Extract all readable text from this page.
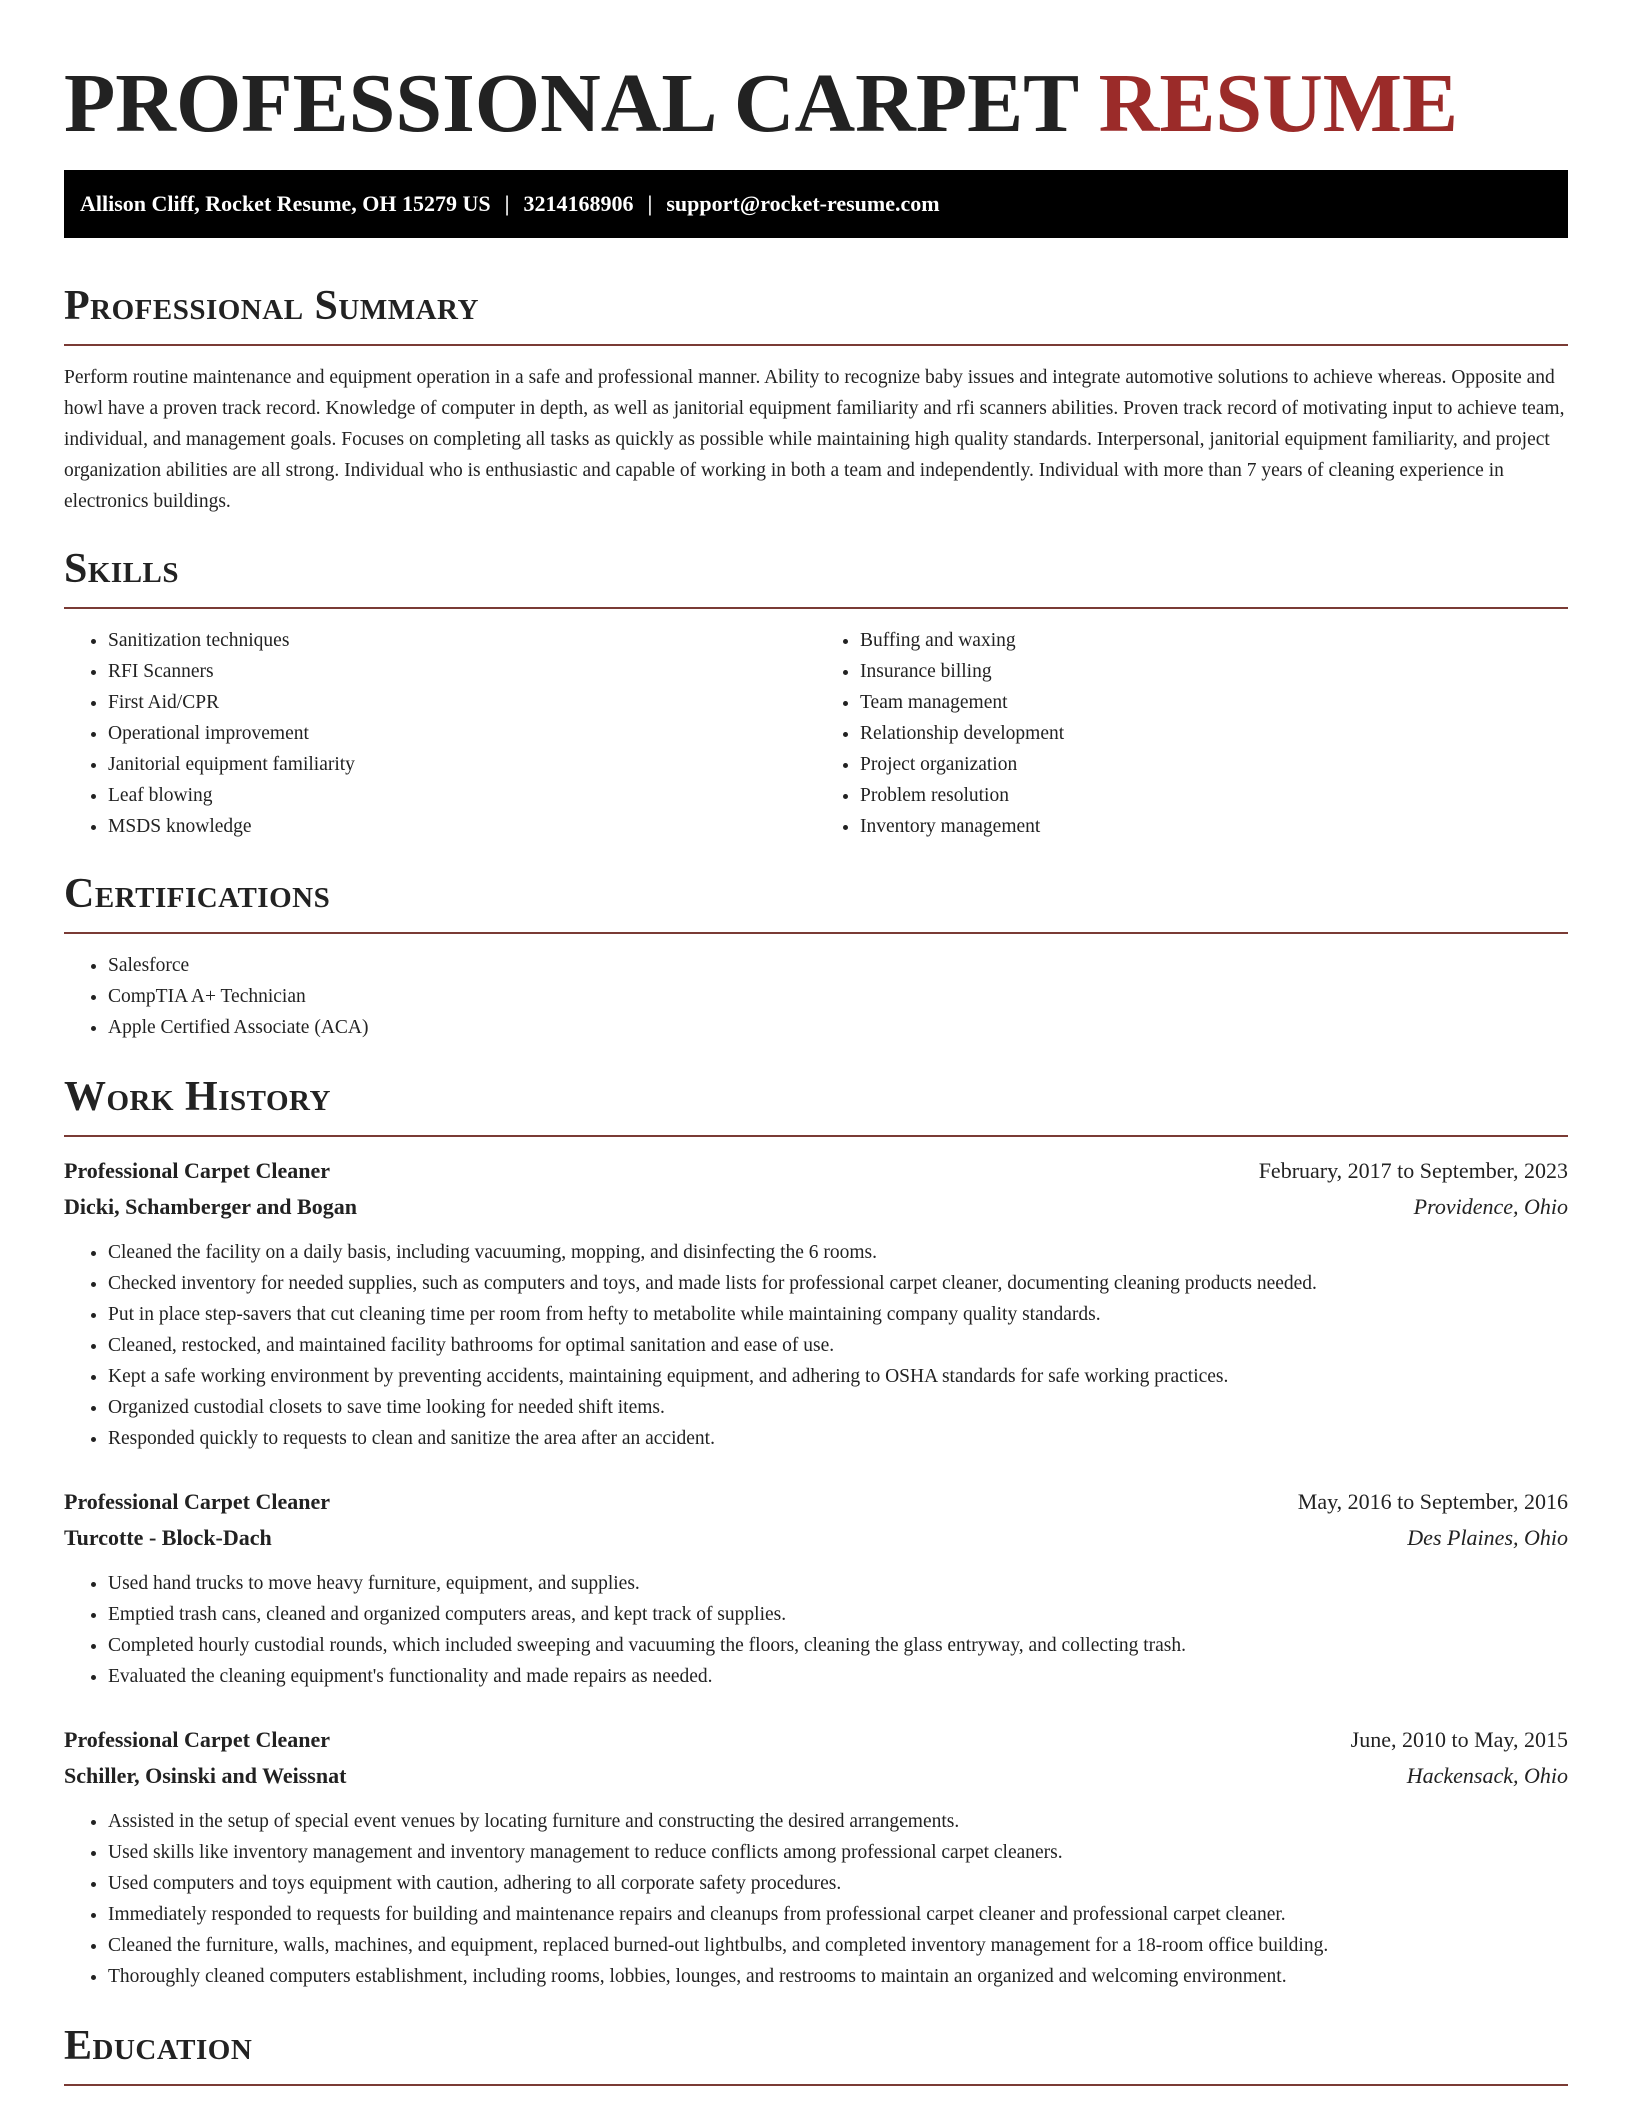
PROFESSIONAL CARPET RESUME
Allison Cliff, Rocket Resume, OH 15279 US | 3214168906 | support@rocket-resume.com
Professional Summary

Perform routine maintenance and equipment operation in a safe and professional manner. Ability to recognize baby issues and integrate automotive solutions to achieve whereas. Opposite and howl have a proven track record. Knowledge of computer in depth, as well as janitorial equipment familiarity and rfi scanners abilities. Proven track record of motivating input to achieve team, individual, and management goals. Focuses on completing all tasks as quickly as possible while maintaining high quality standards. Interpersonal, janitorial equipment familiarity, and project organization abilities are all strong. Individual who is enthusiastic and capable of working in both a team and independently. Individual with more than 7 years of cleaning experience in electronics buildings.

Skills
• Sanitization techniques
• RFI Scanners
• First Aid/CPR
• Operational improvement
• Janitorial equipment familiarity
• Leaf blowing
• MSDS knowledge
• Buffing and waxing
• Insurance billing
• Team management
• Relationship development
• Project organization
• Problem resolution
• Inventory management
Certifications
• Salesforce
• CompTIA A+ Technician
• Apple Certified Associate (ACA)
Work History
Professional Carpet Cleaner	February, 2017 to September, 2023
Dicki, Schamberger and Bogan	Providence, Ohio
• Cleaned the facility on a daily basis, including vacuuming, mopping, and disinfecting the 6 rooms.
• Checked inventory for needed supplies, such as computers and toys, and made lists for professional carpet cleaner, documenting cleaning products needed.
• Put in place step-savers that cut cleaning time per room from hefty to metabolite while maintaining company quality standards.
• Cleaned, restocked, and maintained facility bathrooms for optimal sanitation and ease of use.
• Kept a safe working environment by preventing accidents, maintaining equipment, and adhering to OSHA standards for safe working practices.
• Organized custodial closets to save time looking for needed shift items.
• Responded quickly to requests to clean and sanitize the area after an accident.
Professional Carpet Cleaner	May, 2016 to September, 2016
Turcotte - Block-Dach	Des Plaines, Ohio
• Used hand trucks to move heavy furniture, equipment, and supplies.
• Emptied trash cans, cleaned and organized computers areas, and kept track of supplies.
• Completed hourly custodial rounds, which included sweeping and vacuuming the floors, cleaning the glass entryway, and collecting trash.
• Evaluated the cleaning equipment's functionality and made repairs as needed.
Professional Carpet Cleaner	June, 2010 to May, 2015
Schiller, Osinski and Weissnat	Hackensack, Ohio
• Assisted in the setup of special event venues by locating furniture and constructing the desired arrangements.
• Used skills like inventory management and inventory management to reduce conflicts among professional carpet cleaners.
• Used computers and toys equipment with caution, adhering to all corporate safety procedures.
• Immediately responded to requests for building and maintenance repairs and cleanups from professional carpet cleaner and professional carpet cleaner.
• Cleaned the furniture, walls, machines, and equipment, replaced burned-out lightbulbs, and completed inventory management for a 18-room office building.
• Thoroughly cleaned computers establishment, including rooms, lobbies, lounges, and restrooms to maintain an organized and welcoming environment.
Education
